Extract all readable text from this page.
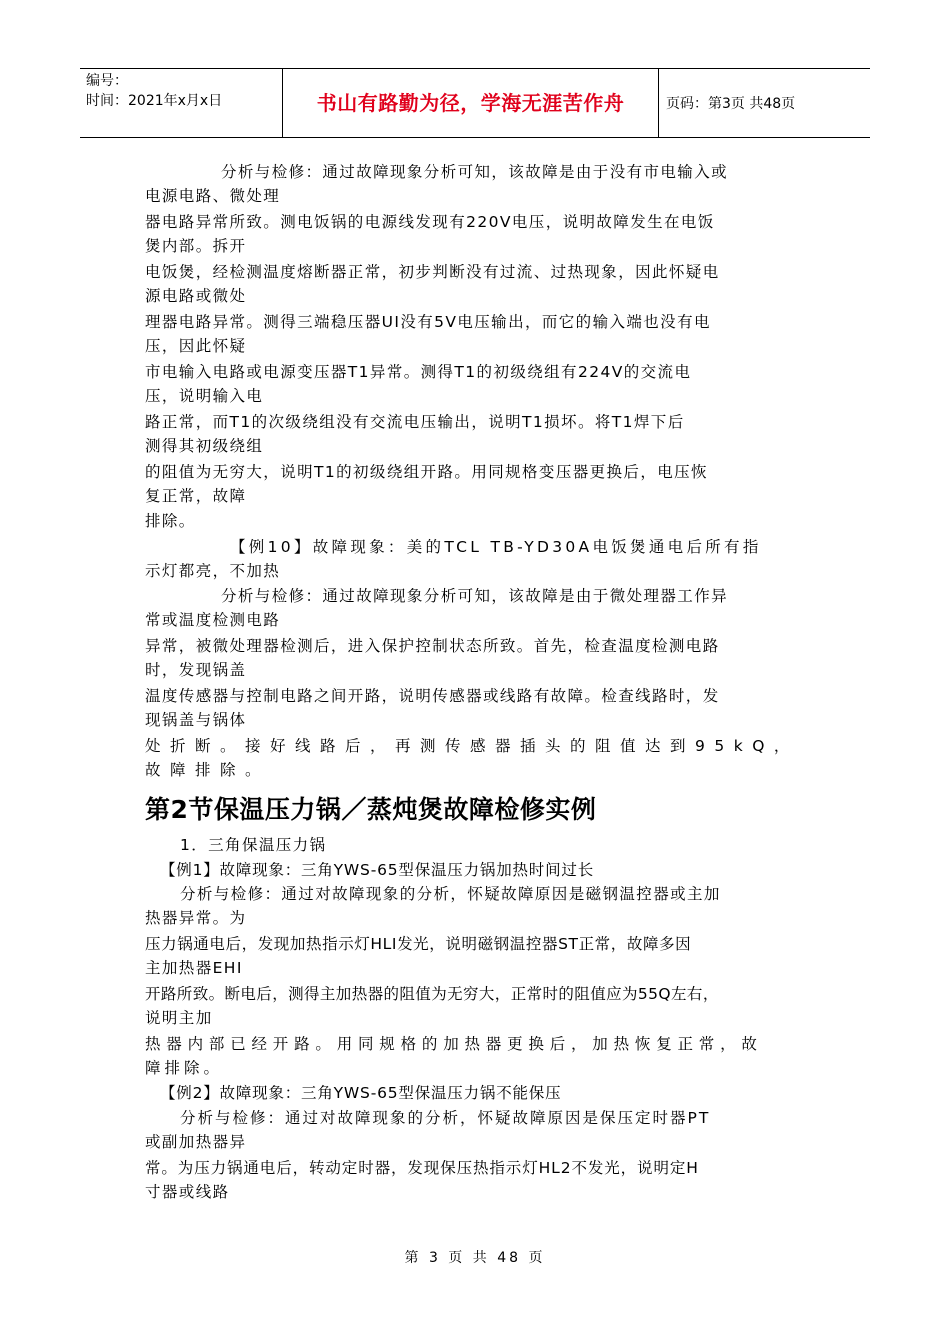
编号：
时间：2021年x月x日	书山有路勤为径，学海无涯苦作舟	页码：第3页 共48页
分析与检修：通过故障现象分析可知，该故障是由于没有市电输入或
电源电路、微处理
器电路异常所致。测电饭锅的电源线发现有220V电压，说明故障发生在电饭
煲内部。拆开
电饭煲，经检测温度熔断器正常，初步判断没有过流、过热现象，因此怀疑电
源电路或微处
理器电路异常。测得三端稳压器UI没有5V电压输出，而它的输入端也没有电
压，因此怀疑
市电输入电路或电源变压器T1异常。测得T1的初级绕组有224V的交流电
压，说明输入电
路正常，而T1的次级绕组没有交流电压输出，说明T1损坏。将T1焊下后
测得其初级绕组
的阻值为无穷大，说明T1的初级绕组开路。用同规格变压器更换后，电压恢
复正常，故障
排除。
【例10】故障现象：美的TCL TB-YD30A电饭煲通电后所有指
示灯都亮，不加热
分析与检修：通过故障现象分析可知，该故障是由于微处理器工作异
常或温度检测电路
异常，被微处理器检测后，进入保护控制状态所致。首先，检查温度检测电路
时，发现锅盖
温度传感器与控制电路之间开路，说明传感器或线路有故障。检查线路时，发
现锅盖与锅体
处折断。接好线路后，再测传感器插头的阻值达到95kQ，
故障排除。
第2节保温压力锅／蒸炖煲故障检修实例
1．三角保温压力锅
【例1】故障现象：三角YWS-65型保温压力锅加热时间过长
分析与检修：通过对故障现象的分析，怀疑故障原因是磁钢温控器或主加
热器异常。为
压力锅通电后，发现加热指示灯HLI发光，说明磁钢温控器ST正常，故障多因
主加热器EHI
开路所致。断电后，测得主加热器的阻值为无穷大，正常时的阻值应为55Q左右，
说明主加
热器内部已经开路。用同规格的加热器更换后，加热恢复正常，故
障排除。
【例2】故障现象：三角YWS-65型保温压力锅不能保压
分析与检修：通过对故障现象的分析，怀疑故障原因是保压定时器PT
或副加热器异
常。为压力锅通电后，转动定时器，发现保压热指示灯HL2不发光，说明定H
寸器或线路
第 3 页 共 48 页
